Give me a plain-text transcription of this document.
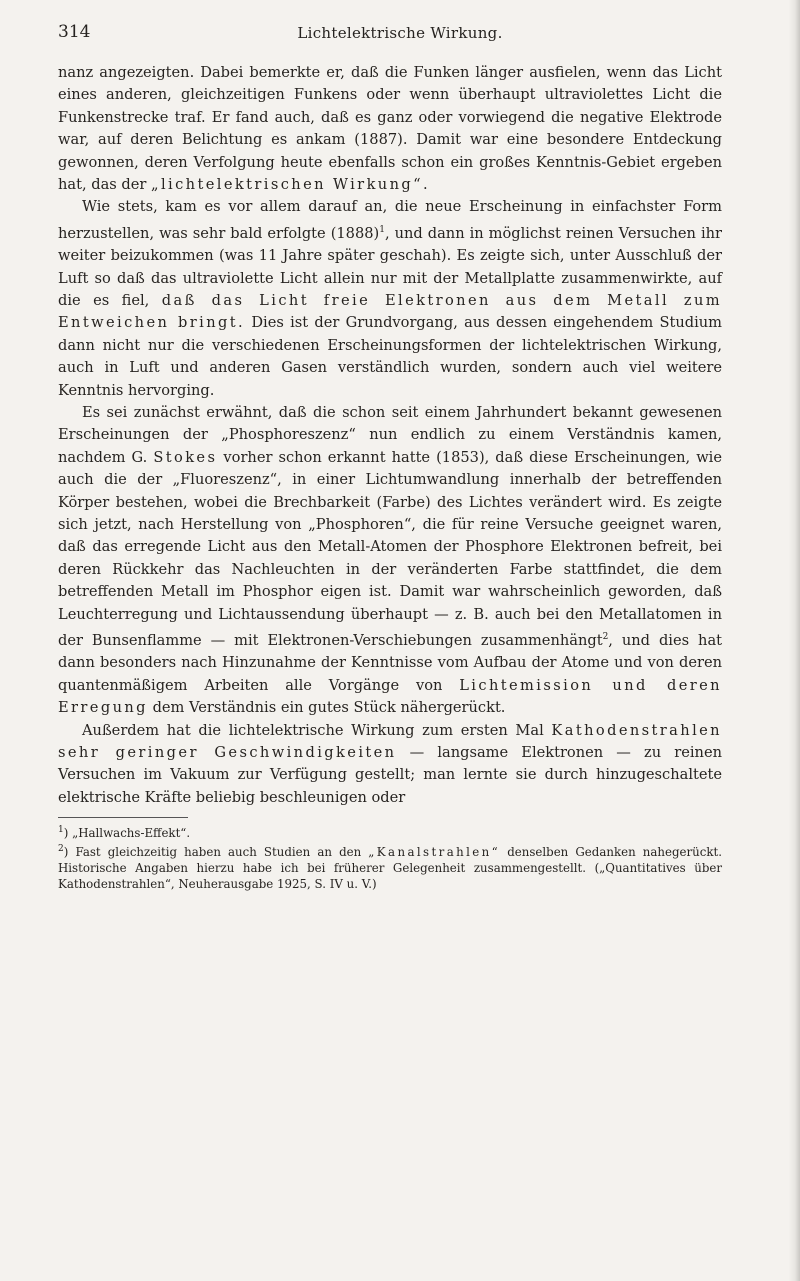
314	Lichtelektrische Wirkung.

nanz angezeigten. Dabei bemerkte er, daß die Funken länger ausfielen, wenn das Licht eines anderen, gleichzeitigen Funkens oder wenn überhaupt ultraviolettes Licht die Funkenstrecke traf. Er fand auch, daß es ganz oder vorwiegend die negative Elektrode war, auf deren Belichtung es ankam (1887). Damit war eine besondere Entdeckung gewonnen, deren Verfolgung heute ebenfalls schon ein großes Kenntnis-Gebiet ergeben hat, das der „lichtelektrischen Wirkung“.

Wie stets, kam es vor allem darauf an, die neue Erscheinung in einfachster Form herzustellen, was sehr bald erfolgte $(1888)^1$, und dann in möglichst reinen Versuchen ihr weiter beizukommen (was 11 Jahre später geschah). Es zeigte sich, unter Ausschluß der Luft so daß das ultraviolette Licht allein nur mit der Metallplatte zusammenwirkte, auf die es fiel, daß das Licht freie Elektronen aus dem Metall zum Entweichen bringt. Dies ist der Grundvorgang, aus dessen eingehendem Studium dann nicht nur die verschiedenen Erscheinungsformen der lichtelektrischen Wirkung, auch in Luft und anderen Gasen verständlich wurden, sondern auch viel weitere Kenntnis hervorging.

Es sei zunächst erwähnt, daß die schon seit einem Jahrhundert bekannt gewesenen Erscheinungen der „Phosphoreszenz“ nun endlich zu einem Verständnis kamen, nachdem G. Stokes vorher schon erkannt hatte (1853), daß diese Erscheinungen, wie auch die der „Fluoreszenz“, in einer Lichtumwandlung innerhalb der betreffenden Körper bestehen, wobei die Brechbarkeit (Farbe) des Lichtes verändert wird. Es zeigte sich jetzt, nach Herstellung von „Phosphoren“, die für reine Versuche geeignet waren, daß das erregende Licht aus den Metall-Atomen der Phosphore Elektronen befreit, bei deren Rückkehr das Nachleuchten in der veränderten Farbe stattfindet, die dem betreffenden Metall im Phosphor eigen ist. Damit war wahrscheinlich geworden, daß Leuchterregung und Lichtaussendung überhaupt — z. B. auch bei den Metallatomen in der Bunsenflamme — mit Elektronen-Verschiebungen zusammenhängt$^2$, und dies hat dann besonders nach Hinzunahme der Kenntnisse vom Aufbau der Atome und von deren quantenmäßigem Arbeiten alle Vorgänge von Lichtemission und deren Erregung dem Verständnis ein gutes Stück nähergerückt.

Außerdem hat die lichtelektrische Wirkung zum ersten Mal Kathodenstrahlen sehr geringer Geschwindigkeiten — langsame Elektronen — zu reinen Versuchen im Vakuum zur Verfügung gestellt; man lernte sie durch hinzugeschaltete elektrische Kräfte beliebig beschleunigen oder

$^1$) „Hallwachs-Effekt“.

$^2$) Fast gleichzeitig haben auch Studien an den „Kanalstrahlen“ denselben Gedanken nahegerückt. Historische Angaben hierzu habe ich bei früherer Gelegenheit zusammengestellt. („Quantitatives über Kathodenstrahlen“, Neuherausgabe 1925, S. IV u. V.)
